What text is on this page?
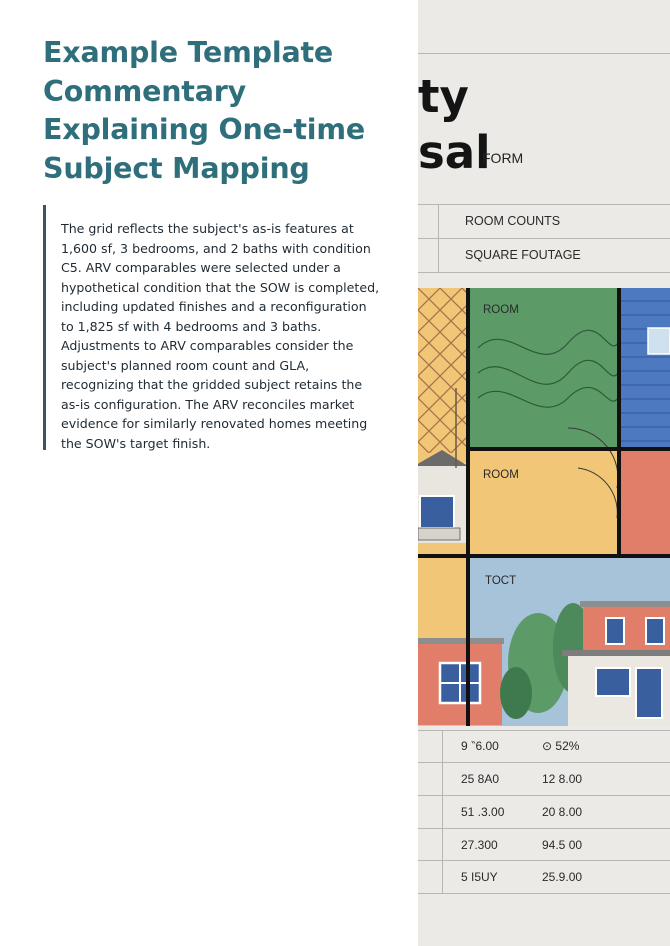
Example Template Commentary Explaining One-time Subject Mapping

The grid reflects the subject's as-is features at 1,600 sf, 3 bedrooms, and 2 baths with condition C5. ARV comparables were selected under a hypothetical condition that the SOW is completed, including updated finishes and a reconfiguration to 1,825 sf with 4 bedrooms and 3 baths. Adjustments to ARV comparables consider the subject's planned room count and GLA, recognizing that the gridded subject retains the as-is configuration. The ARV reconciles market evidence for similarly renovated homes meeting the SOW's target finish.

ty
sal
FORM
ROOM COUNTS
SQUARE FOUTAGE
ROOM
ROOM
TOCT
9 ‶6.00	⊙ 52%
25 8A0	12 8.00
51 .3.00	20 8.00
27.300	94.5 00
5 I5UY	25.9.00
